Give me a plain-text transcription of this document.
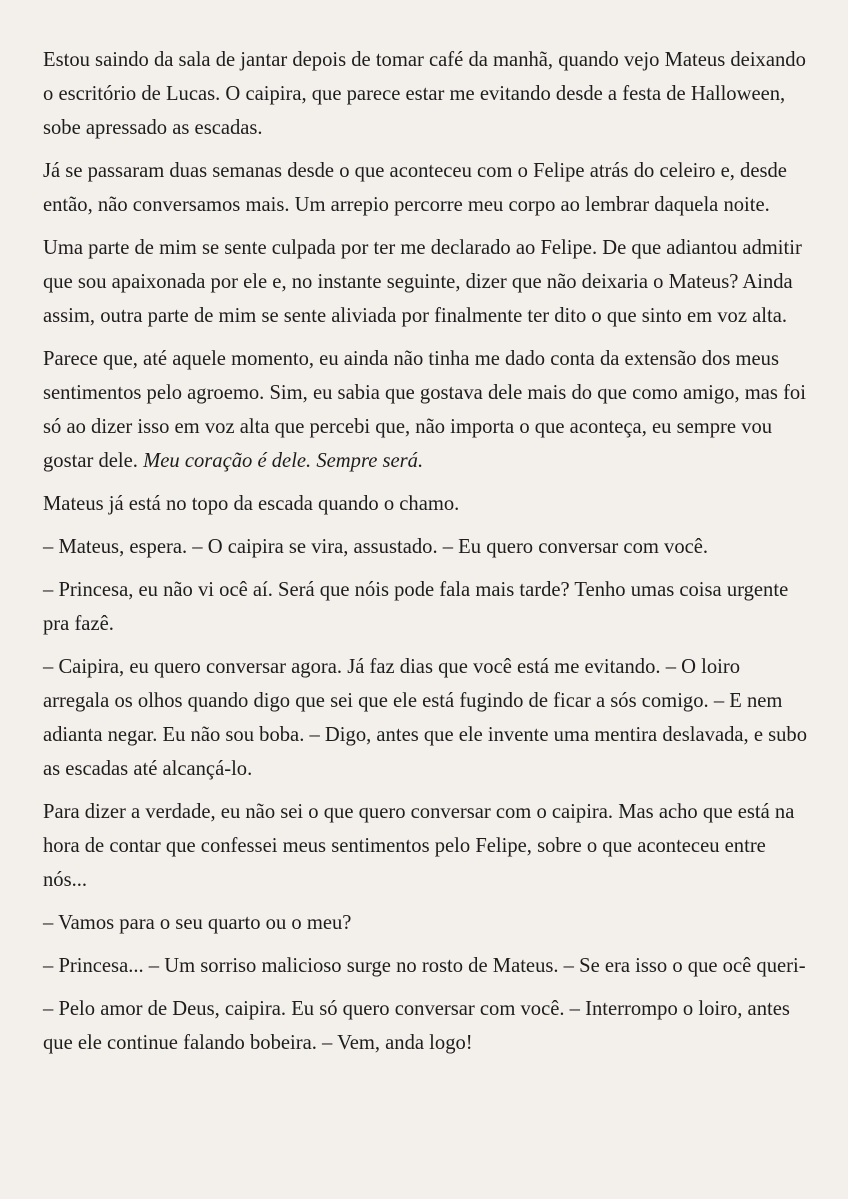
Estou saindo da sala de jantar depois de tomar café da manhã, quando vejo Mateus deixando o escritório de Lucas. O caipira, que parece estar me evitando desde a festa de Halloween, sobe apressado as escadas.

Já se passaram duas semanas desde o que aconteceu com o Felipe atrás do celeiro e, desde então, não conversamos mais. Um arrepio percorre meu corpo ao lembrar daquela noite.

Uma parte de mim se sente culpada por ter me declarado ao Felipe. De que adiantou admitir que sou apaixonada por ele e, no instante seguinte, dizer que não deixaria o Mateus? Ainda assim, outra parte de mim se sente aliviada por finalmente ter dito o que sinto em voz alta.

Parece que, até aquele momento, eu ainda não tinha me dado conta da extensão dos meus sentimentos pelo agroemo. Sim, eu sabia que gostava dele mais do que como amigo, mas foi só ao dizer isso em voz alta que percebi que, não importa o que aconteça, eu sempre vou gostar dele. Meu coração é dele. Sempre será.

Mateus já está no topo da escada quando o chamo.

– Mateus, espera. – O caipira se vira, assustado. – Eu quero conversar com você.

– Princesa, eu não vi ocê aí. Será que nóis pode fala mais tarde? Tenho umas coisa urgente pra fazê.

– Caipira, eu quero conversar agora. Já faz dias que você está me evitando. – O loiro arregala os olhos quando digo que sei que ele está fugindo de ficar a sós comigo. – E nem adianta negar. Eu não sou boba. – Digo, antes que ele invente uma mentira deslavada, e subo as escadas até alcançá-lo.

Para dizer a verdade, eu não sei o que quero conversar com o caipira. Mas acho que está na hora de contar que confessei meus sentimentos pelo Felipe, sobre o que aconteceu entre nós...

– Vamos para o seu quarto ou o meu?

– Princesa... – Um sorriso malicioso surge no rosto de Mateus. – Se era isso o que ocê queri-

– Pelo amor de Deus, caipira. Eu só quero conversar com você. – Interrompo o loiro, antes que ele continue falando bobeira. – Vem, anda logo!
